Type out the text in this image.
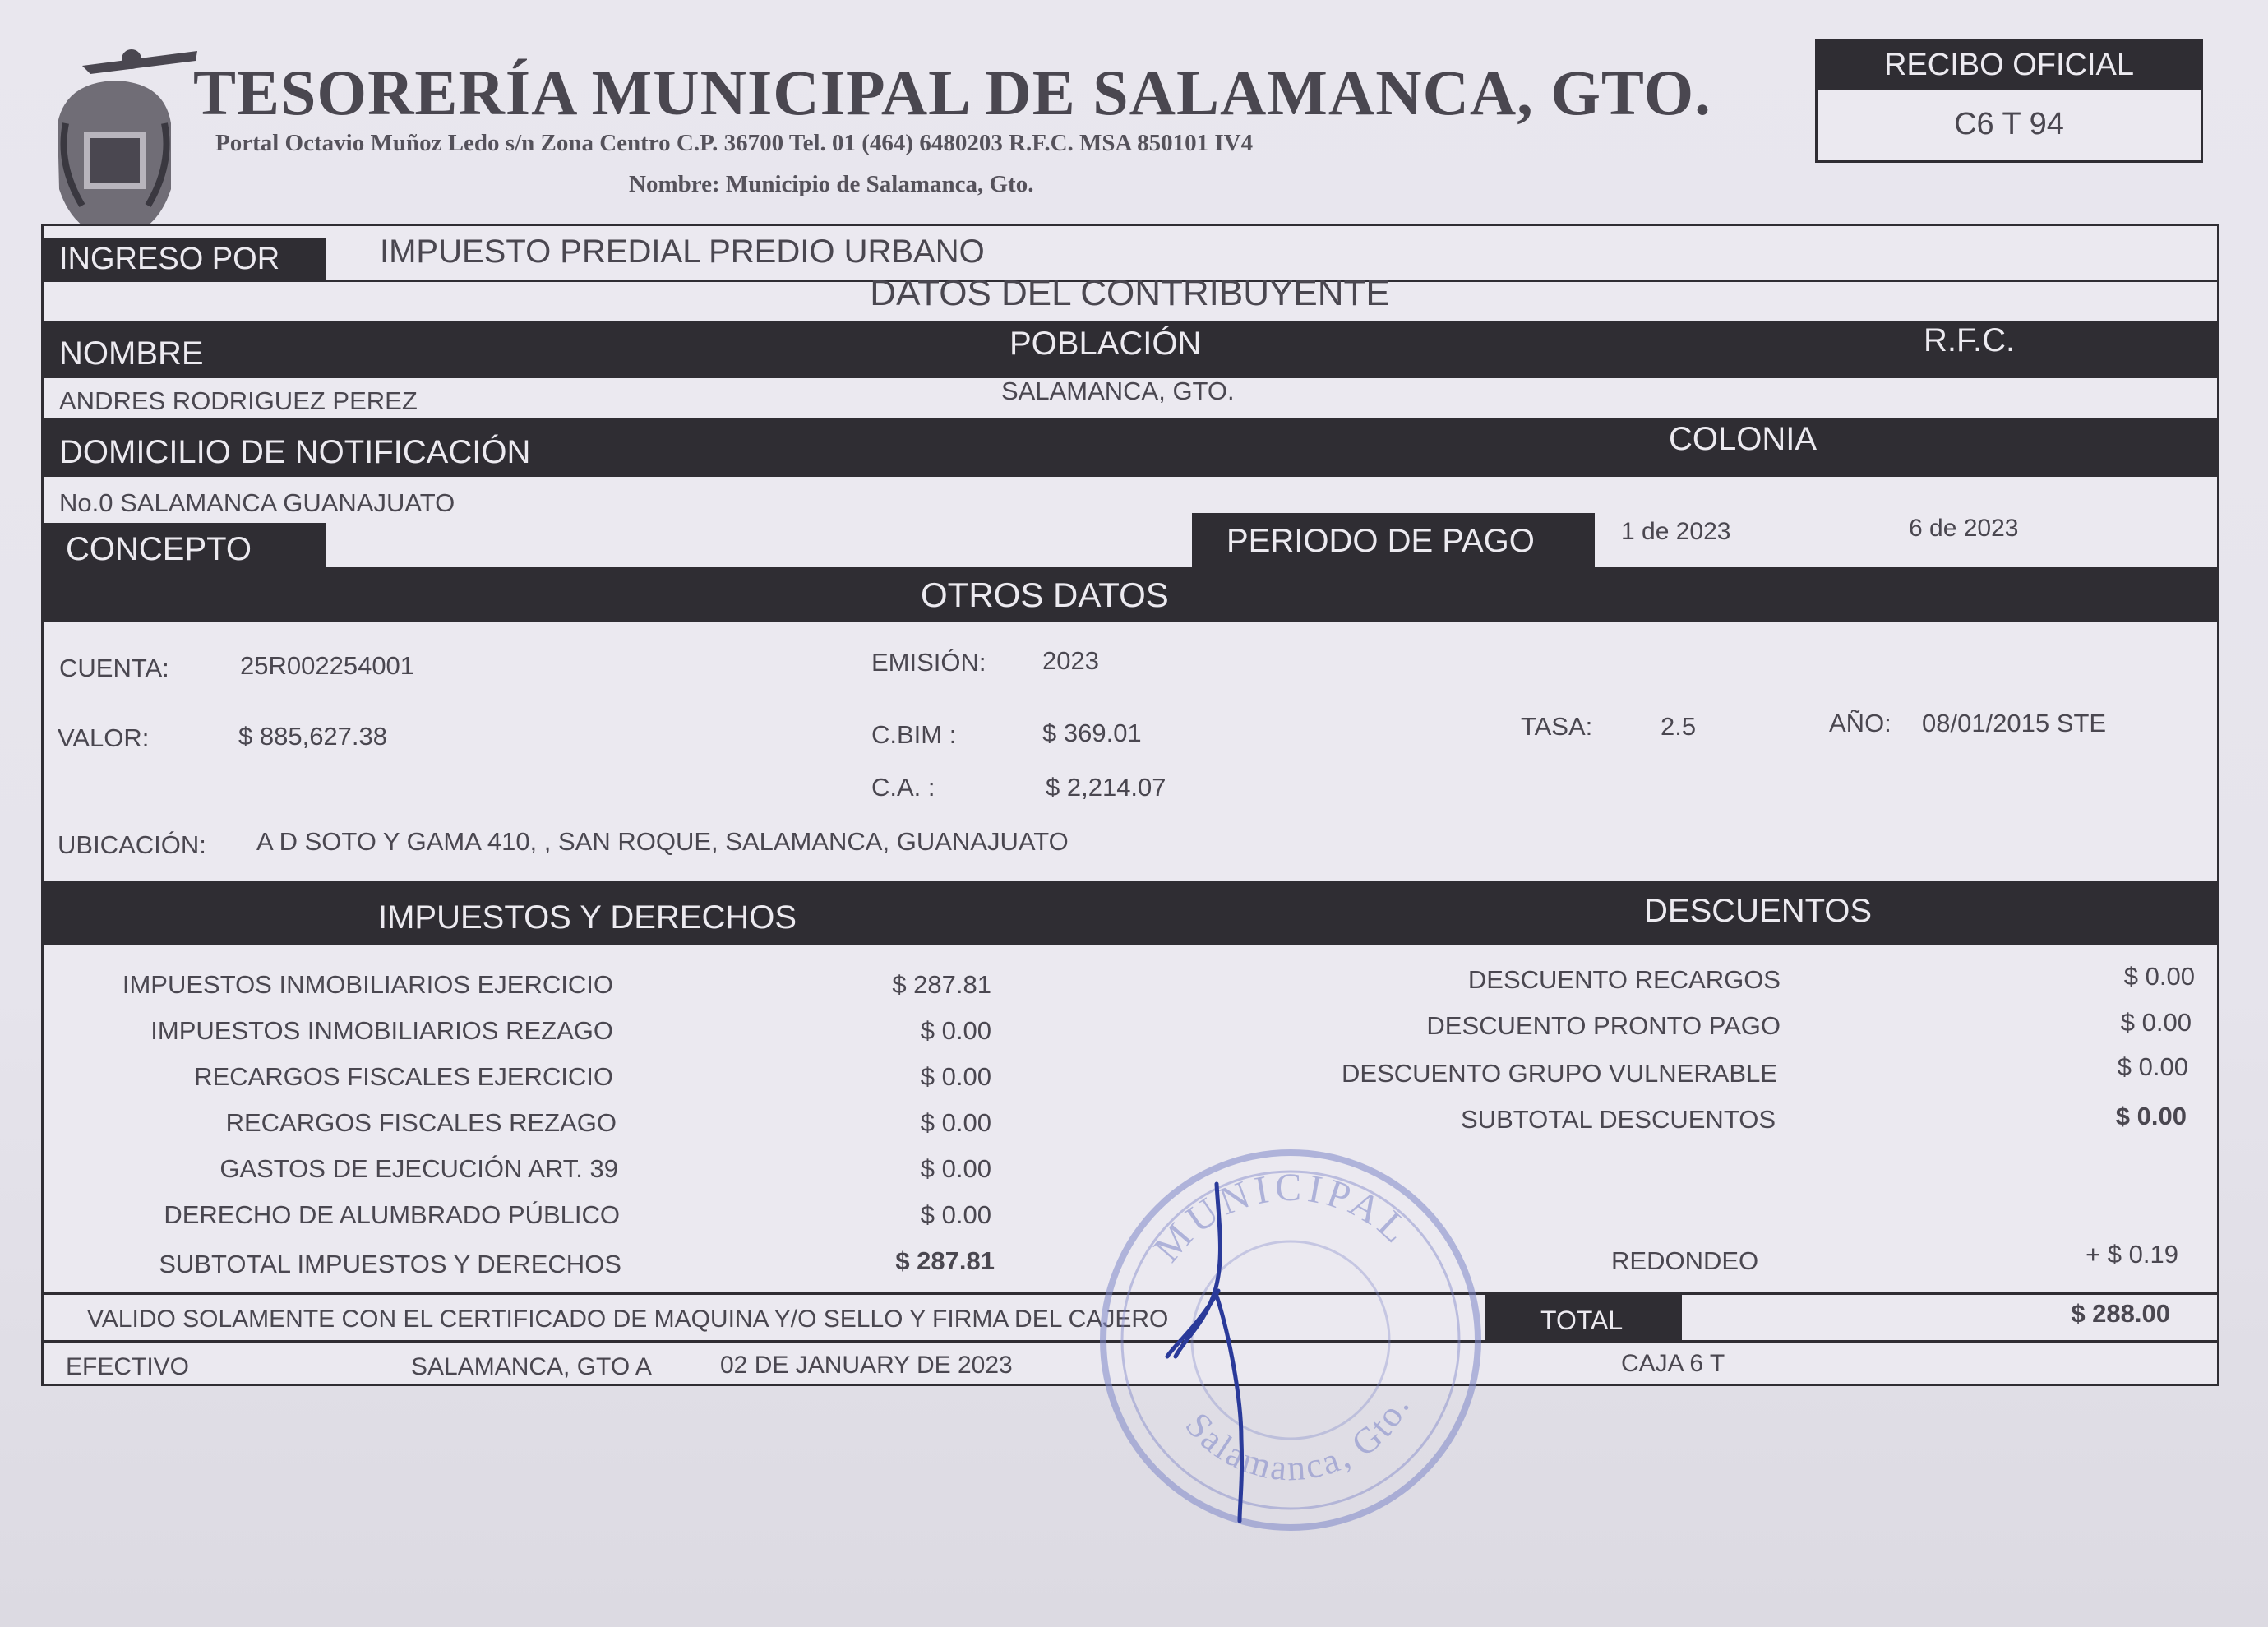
TESORERÍA MUNICIPAL DE SALAMANCA, GTO.
Portal Octavio Muñoz Ledo s/n Zona Centro C.P. 36700 Tel. 01 (464) 6480203 R.F.C. MSA 850101 IV4
Nombre: Municipio de Salamanca, Gto.
RECIBO OFICIAL
C6 T 94
INGRESO POR	IMPUESTO PREDIAL PREDIO URBANO
DATOS DEL CONTRIBUYENTE
NOMBRE	POBLACIÓN	R.F.C.
ANDRES RODRIGUEZ PEREZ	SALAMANCA, GTO.
DOMICILIO DE NOTIFICACIÓN	COLONIA
No.0 SALAMANCA GUANAJUATO
CONCEPTO	PERIODO DE PAGO	1 de 2023	6 de 2023
OTROS DATOS
CUENTA:	25R002254001	EMISIÓN: 2023
VALOR:	$ 885,627.38	C.BIM :	$ 369.01	TASA:	2.5	AÑO: 08/01/2015 STE
C.A. :	$ 2,214.07
UBICACIÓN: A D SOTO Y GAMA 410, , SAN ROQUE, SALAMANCA, GUANAJUATO
IMPUESTOS Y DERECHOS	DESCUENTOS
IMPUESTOS INMOBILIARIOS EJERCICIO	$ 287.81
IMPUESTOS INMOBILIARIOS REZAGO	$ 0.00
RECARGOS FISCALES EJERCICIO	$ 0.00
RECARGOS FISCALES REZAGO	$ 0.00
GASTOS DE EJECUCIÓN ART. 39	$ 0.00
DERECHO DE ALUMBRADO PÚBLICO	$ 0.00
SUBTOTAL IMPUESTOS Y DERECHOS	$ 287.81
DESCUENTO RECARGOS	$ 0.00
DESCUENTO PRONTO PAGO	$ 0.00
DESCUENTO GRUPO VULNERABLE	$ 0.00
SUBTOTAL DESCUENTOS	$ 0.00
REDONDEO	+ $ 0.19
VALIDO SOLAMENTE CON EL CERTIFICADO DE MAQUINA Y/O SELLO Y FIRMA DEL CAJERO	TOTAL	$ 288.00
EFECTIVO	SALAMANCA, GTO A	02 DE JANUARY DE 2023	CAJA 6 T
MUNICIPAL
Salamanca, Gto.
